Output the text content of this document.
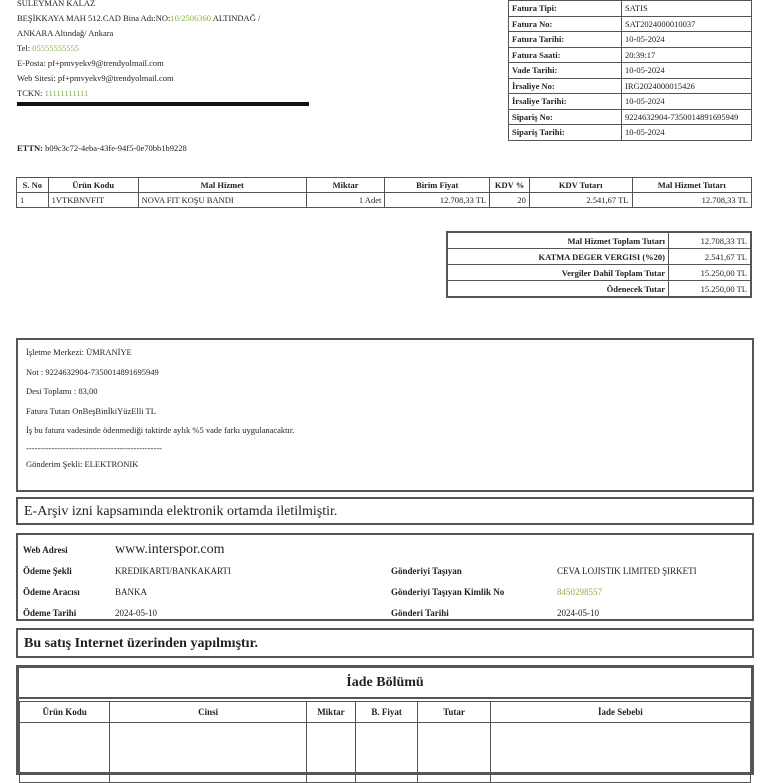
SÜLEYMAN KALAZ
BEŞİKKAYA MAH 512.CAD Bina Adı:NO:10/2506360 ALTINDAĞ /
ANKARA Altındağ/ Ankara
Tel: 05555555555
E-Posta: pf+pmvyekv9@trendyolmail.com
Web Sitesi: pf+pmvyekv9@trendyolmail.com
TCKN: 11111111111
ETTN: b09c3c72-4eba-43fe-94f5-0e70bb1b9228
Fatura Tipi:	SATIS
Fatura No:	SAT2024000010037
Fatura Tarihi:	10-05-2024
Fatura Saati:	20:39:17
Vade Tarihi:	10-05-2024
İrsaliye No:	IRG2024000015426
İrsaliye Tarihi:	10-05-2024
Sipariş No:	9224632904-7350014891695949
Sipariş Tarihi:	10-05-2024
S. No	Ürün Kodu	Mal Hizmet	Miktar	Birim Fiyat	KDV %	KDV Tutarı	Mal Hizmet Tutarı
1	1VTKBNVFIT	NOVA FIT KOŞU BANDI	1 Adet	12.708,33 TL	20	2.541,67 TL	12.708,33 TL
Mal Hizmet Toplam Tutarı	12.708,33 TL
KATMA DEGER VERGISI (%20)	2.541,67 TL
Vergiler Dahil Toplam Tutar	15.250,00 TL
Ödenecek Tutar	15.250,00 TL
İşletme Merkezi: ÜMRANİYE
Not : 9224632904-7350014891695949
Desi Toplamı : 83,00
Fatura Tutarı OnBeşBinİkiYüzElli TL
İş bu fatura vadesinde ödenmediği taktirde aylık %5 vade farkı uygulanacaktır.
------------------------------------------------
Gönderim Şekli: ELEKTRONIK
E-Arşiv izni kapsamında elektronik ortamda iletilmiştir.
Web Adresi	www.interspor.com		
Ödeme Şekli	KREDIKARTI/BANKAKARTI	Gönderiyi Taşıyan	CEVA LOJISTIK LIMITED ŞIRKETI
Ödeme Aracısı	BANKA	Gönderiyi Taşıyan Kimlik No	8450298557
Ödeme Tarihi	2024-05-10	Gönderi Tarihi	2024-05-10
Bu satış Internet üzerinden yapılmıştır.
İade Bölümü
Ürün Kodu	Cinsi	Miktar	B. Fiyat	Tutar	İade Sebebi
